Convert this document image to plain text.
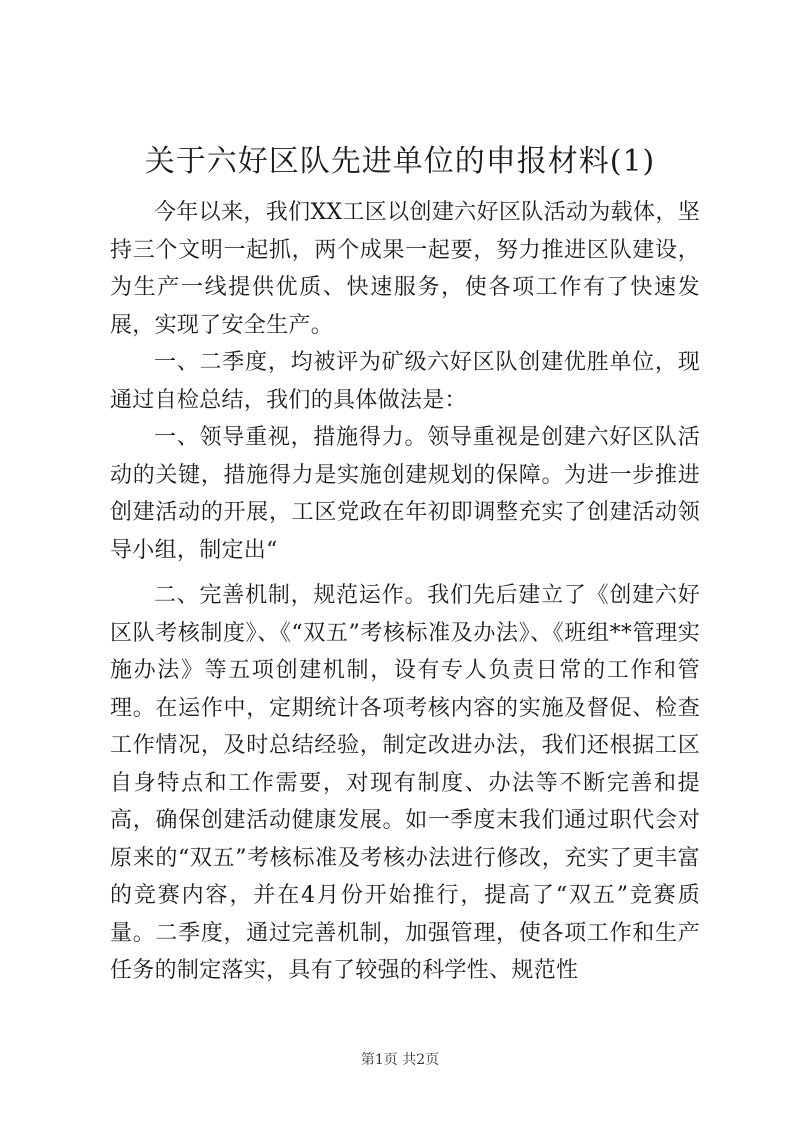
关于六好区队先进单位的申报材料(1)

今年以来，我们XX工区以创建六好区队活动为载体，坚持三个文明一起抓，两个成果一起要，努力推进区队建设，为生产一线提供优质、快速服务，使各项工作有了快速发展，实现了安全生产。

一、二季度，均被评为矿级六好区队创建优胜单位，现通过自检总结，我们的具体做法是：

一、领导重视，措施得力。领导重视是创建六好区队活动的关键，措施得力是实施创建规划的保障。为进一步推进创建活动的开展，工区党政在年初即调整充实了创建活动领导小组，制定出“

二、完善机制，规范运作。我们先后建立了《创建六好区队考核制度》、《“双五”考核标准及办法》、《班组**管理实施办法》等五项创建机制，设有专人负责日常的工作和管理。在运作中，定期统计各项考核内容的实施及督促、检查工作情况，及时总结经验，制定改进办法，我们还根据工区自身特点和工作需要，对现有制度、办法等不断完善和提高，确保创建活动健康发展。如一季度末我们通过职代会对原来的“双五”考核标准及考核办法进行修改，充实了更丰富的竞赛内容，并在4月份开始推行，提高了“双五”竞赛质量。二季度，通过完善机制，加强管理，使各项工作和生产任务的制定落实，具有了较强的科学性、规范性

第1页 共2页
